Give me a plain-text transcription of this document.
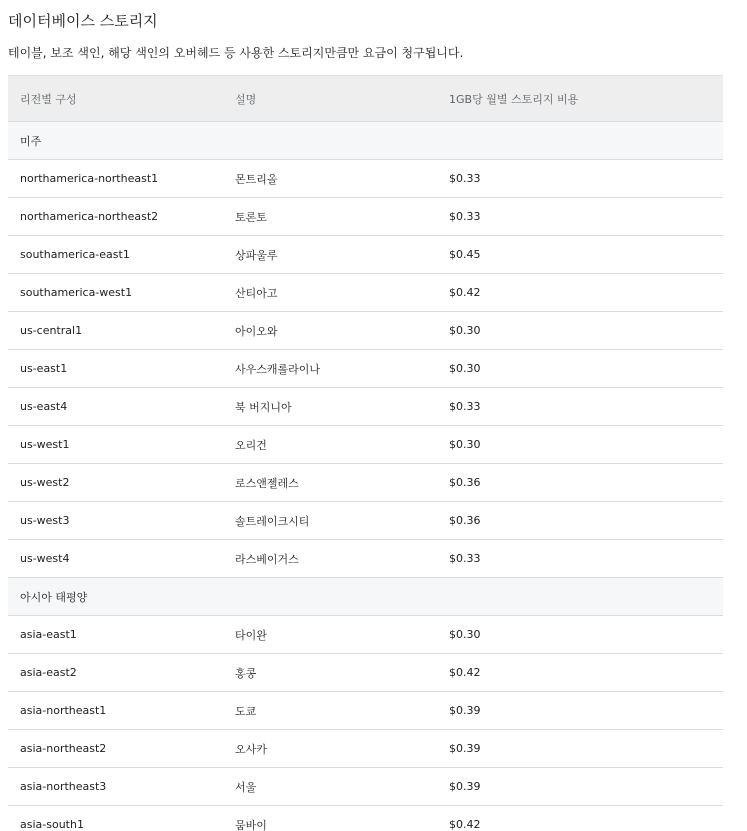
데이터베이스 스토리지

테이블, 보조 색인, 해당 색인의 오버헤드 등 사용한 스토리지만큼만 요금이 청구됩니다.

리전별 구성	설명	1GB당 월별 스토리지 비용
미주
northamerica-northeast1	몬트리올	$0.33
northamerica-northeast2	토론토	$0.33
southamerica-east1	상파울루	$0.45
southamerica-west1	산티아고	$0.42
us-central1	아이오와	$0.30
us-east1	사우스캐롤라이나	$0.30
us-east4	북 버지니아	$0.33
us-west1	오리건	$0.30
us-west2	로스앤젤레스	$0.36
us-west3	솔트레이크시티	$0.36
us-west4	라스베이거스	$0.33
아시아 태평양
asia-east1	타이완	$0.30
asia-east2	홍콩	$0.42
asia-northeast1	도쿄	$0.39
asia-northeast2	오사카	$0.39
asia-northeast3	서울	$0.39
asia-south1	뭄바이	$0.42
